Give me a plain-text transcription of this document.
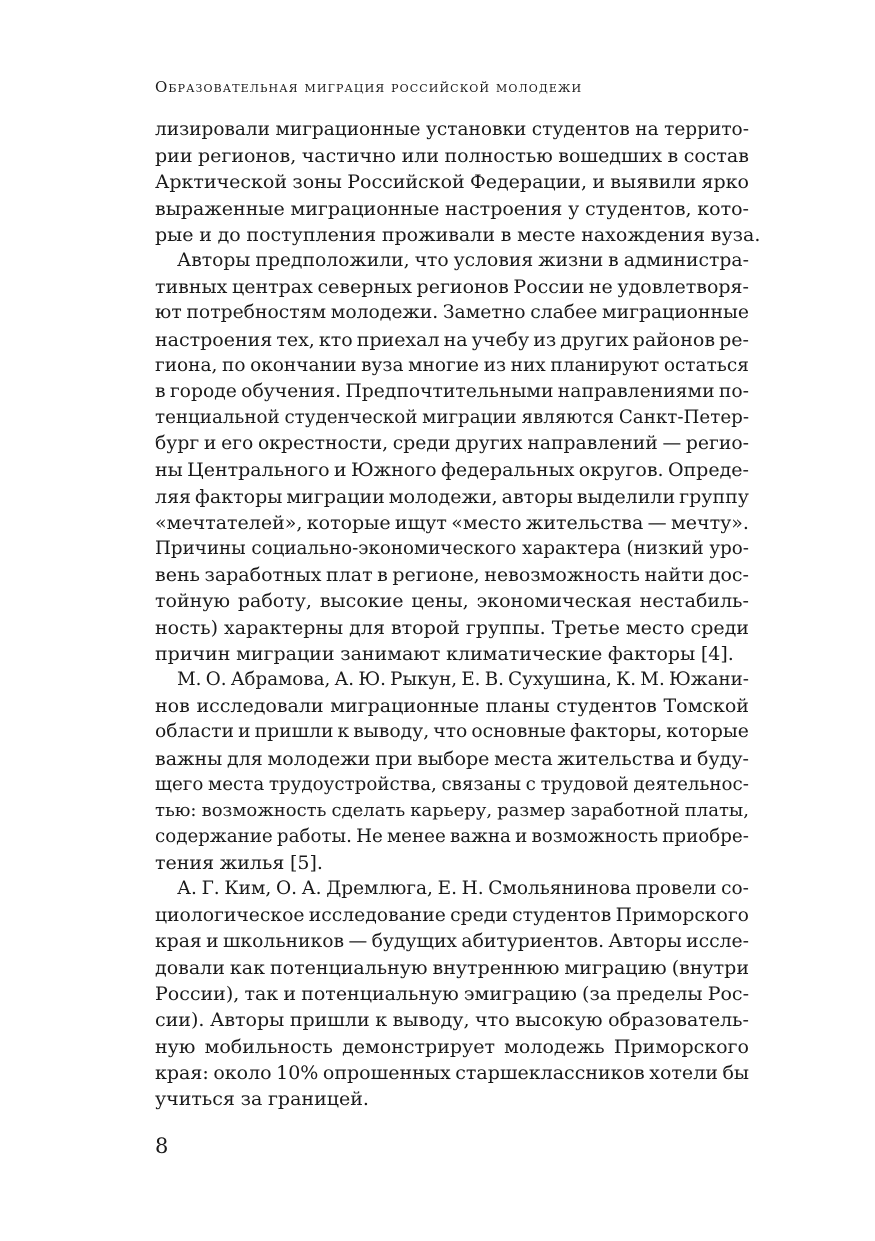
Образовательная миграция российской молодежи
лизировали миграционные установки студентов на террито-
рии регионов, частично или полностью вошедших в состав
Арктической зоны Российской Федерации, и выявили ярко
выраженные миграционные настроения у студентов, кото-
рые и до поступления проживали в месте нахождения вуза.
Авторы предположили, что условия жизни в администра-
тивных центрах северных регионов России не удовлетворя-
ют потребностям молодежи. Заметно слабее миграционные
настроения тех, кто приехал на учебу из других районов ре-
гиона, по окончании вуза многие из них планируют остаться
в городе обучения. Предпочтительными направлениями по-
тенциальной студенческой миграции являются Санкт-Петер-
бург и его окрестности, среди других направлений — регио-
ны Центрального и Южного федеральных округов. Опреде-
ляя факторы миграции молодежи, авторы выделили группу
«мечтателей», которые ищут «место жительства — мечту».
Причины социально-экономического характера (низкий уро-
вень заработных плат в регионе, невозможность найти дос-
тойную работу, высокие цены, экономическая нестабиль-
ность) характерны для второй группы. Третье место среди
причин миграции занимают климатические факторы [4].
М. О. Абрамова, А. Ю. Рыкун, Е. В. Сухушина, К. М. Южани-
нов исследовали миграционные планы студентов Томской
области и пришли к выводу, что основные факторы, которые
важны для молодежи при выборе места жительства и буду-
щего места трудоустройства, связаны с трудовой деятельнос-
тью: возможность сделать карьеру, размер заработной платы,
содержание работы. Не менее важна и возможность приобре-
тения жилья [5].
А. Г. Ким, О. А. Дремлюга, Е. Н. Смольянинова провели со-
циологическое исследование среди студентов Приморского
края и школьников — будущих абитуриентов. Авторы иссле-
довали как потенциальную внутреннюю миграцию (внутри
России), так и потенциальную эмиграцию (за пределы Рос-
сии). Авторы пришли к выводу, что высокую образователь-
ную мобильность демонстрирует молодежь Приморского
края: около 10% опрошенных старшеклассников хотели бы
учиться за границей.
8
